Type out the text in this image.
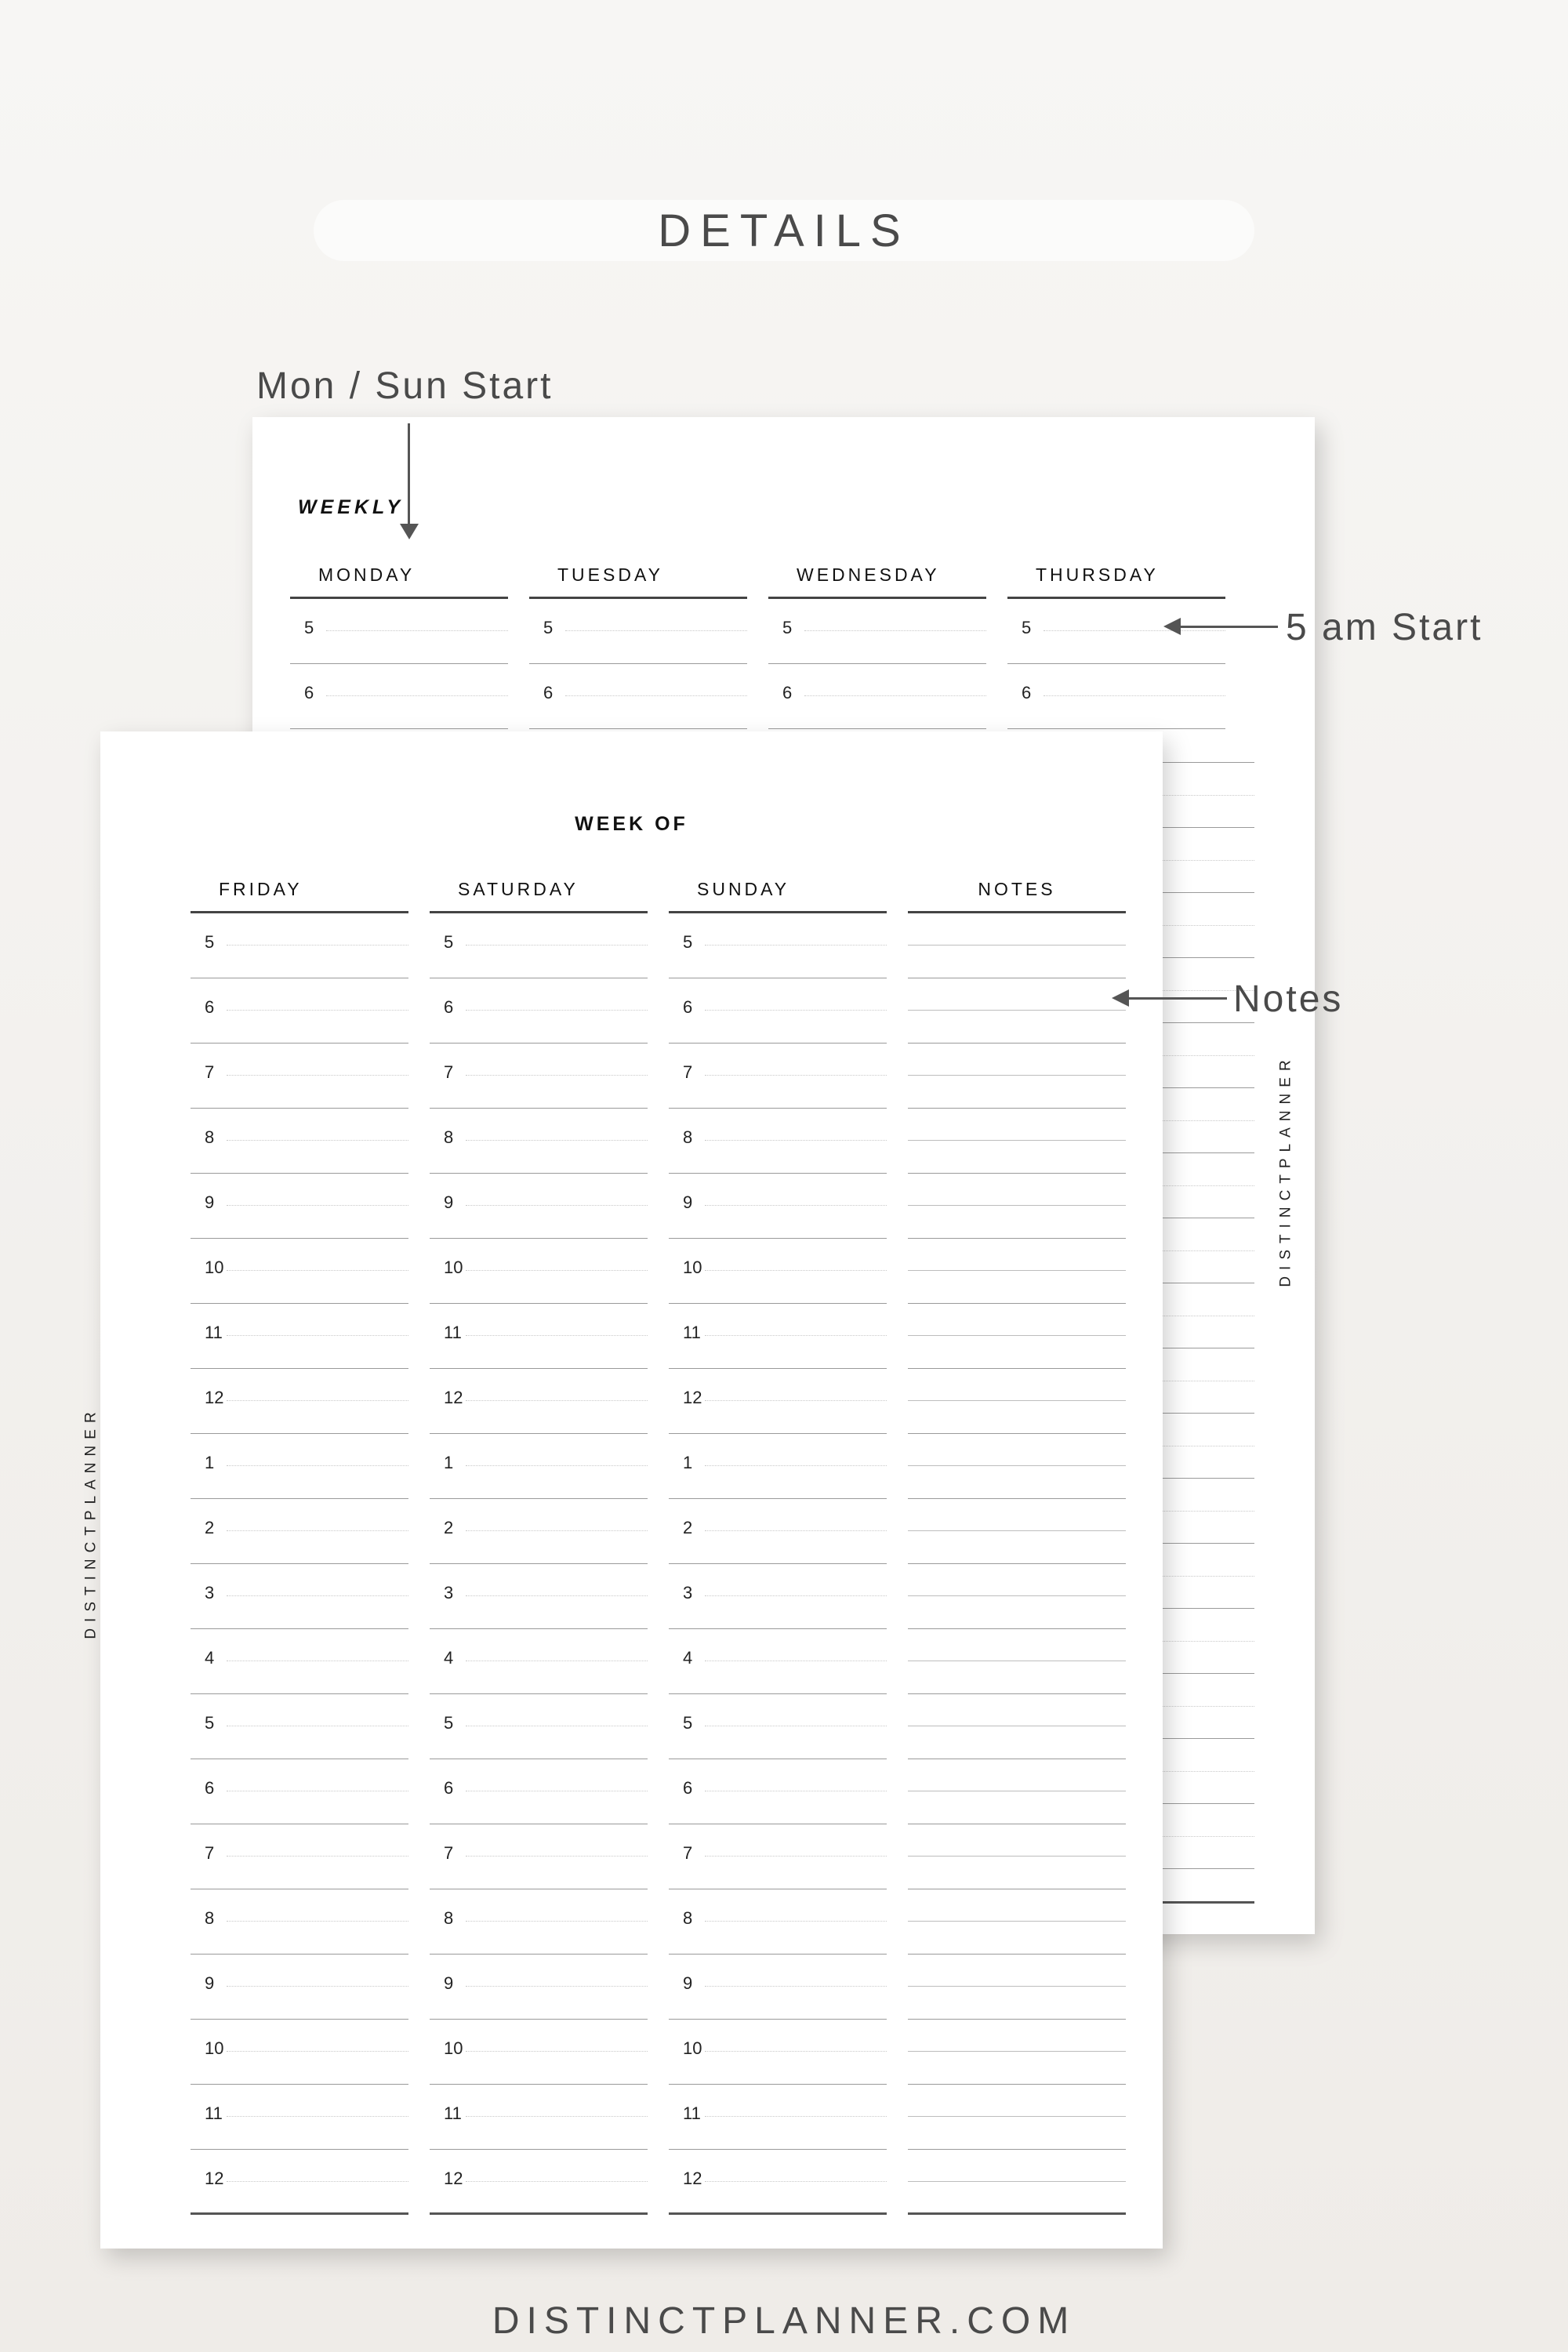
DETAILS
WEEKLY
MONDAY
5
6
TUESDAY
5
6
WEDNESDAY
5
6
THURSDAY
5
6
DISTINCTPLANNER
WEEK OF
FRIDAY
5
6
7
8
9
10
11
12
1
2
3
4
5
6
7
8
9
10
11
12
SATURDAY
5
6
7
8
9
10
11
12
1
2
3
4
5
6
7
8
9
10
11
12
SUNDAY
5
6
7
8
9
10
11
12
1
2
3
4
5
6
7
8
9
10
11
12
NOTES
DISTINCTPLANNER
Mon / Sun Start
5 am Start
Notes
DISTINCTPLANNER.COM
